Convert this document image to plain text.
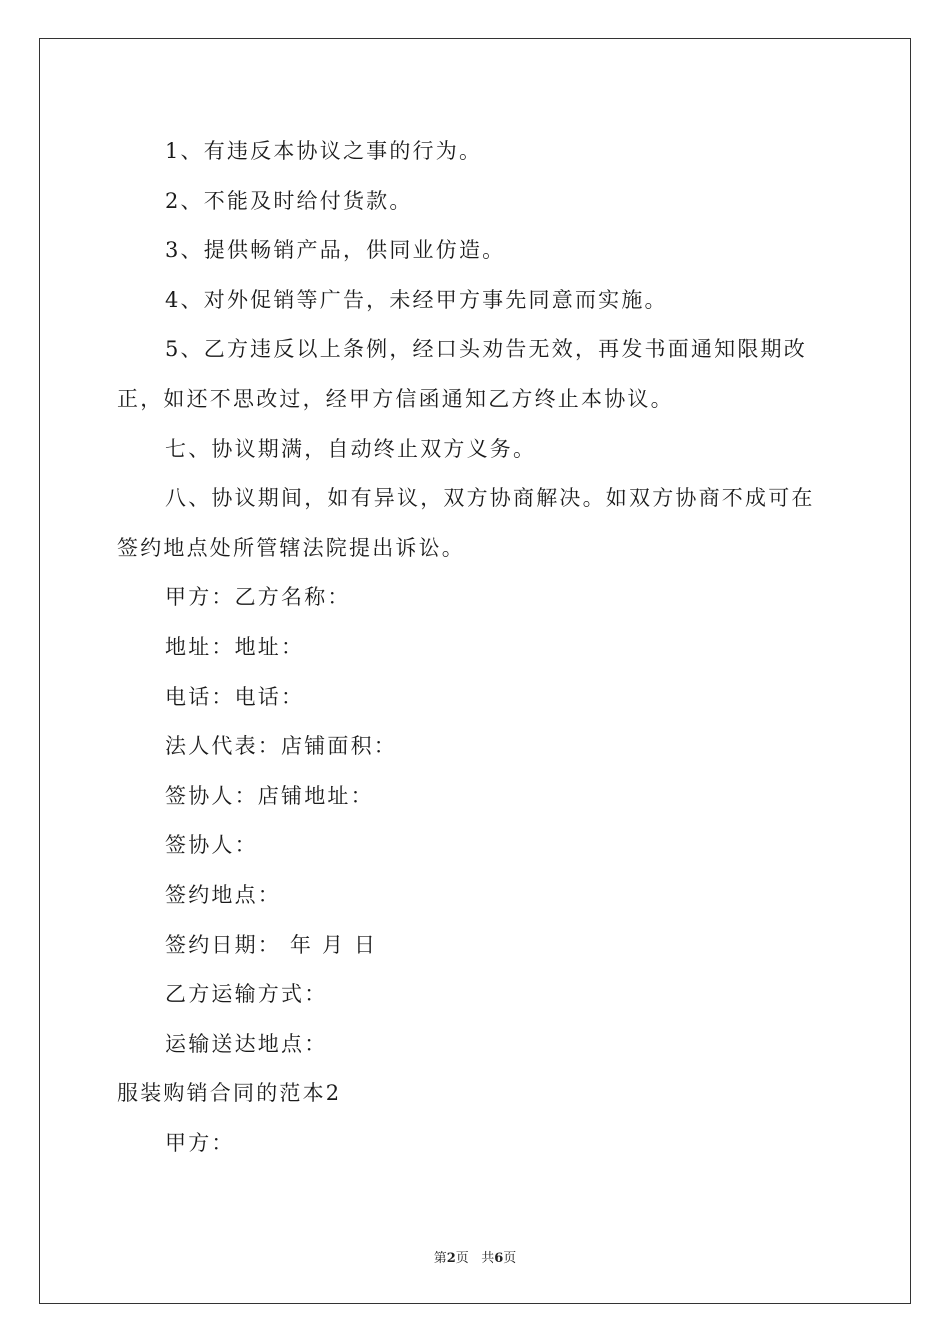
1、有违反本协议之事的行为。

2、不能及时给付货款。

3、提供畅销产品，供同业仿造。

4、对外促销等广告，未经甲方事先同意而实施。

5、乙方违反以上条例，经口头劝告无效，再发书面通知限期改

正，如还不思改过，经甲方信函通知乙方终止本协议。

七、协议期满，自动终止双方义务。

八、协议期间，如有异议，双方协商解决。如双方协商不成可在

签约地点处所管辖法院提出诉讼。

甲方：乙方名称：

地址：地址：

电话：电话：

法人代表：店铺面积：

签协人：店铺地址：

签协人：

签约地点：

签约日期： 年 月 日

乙方运输方式：

运输送达地点：

服装购销合同的范本2

甲方：

第2页 共6页
